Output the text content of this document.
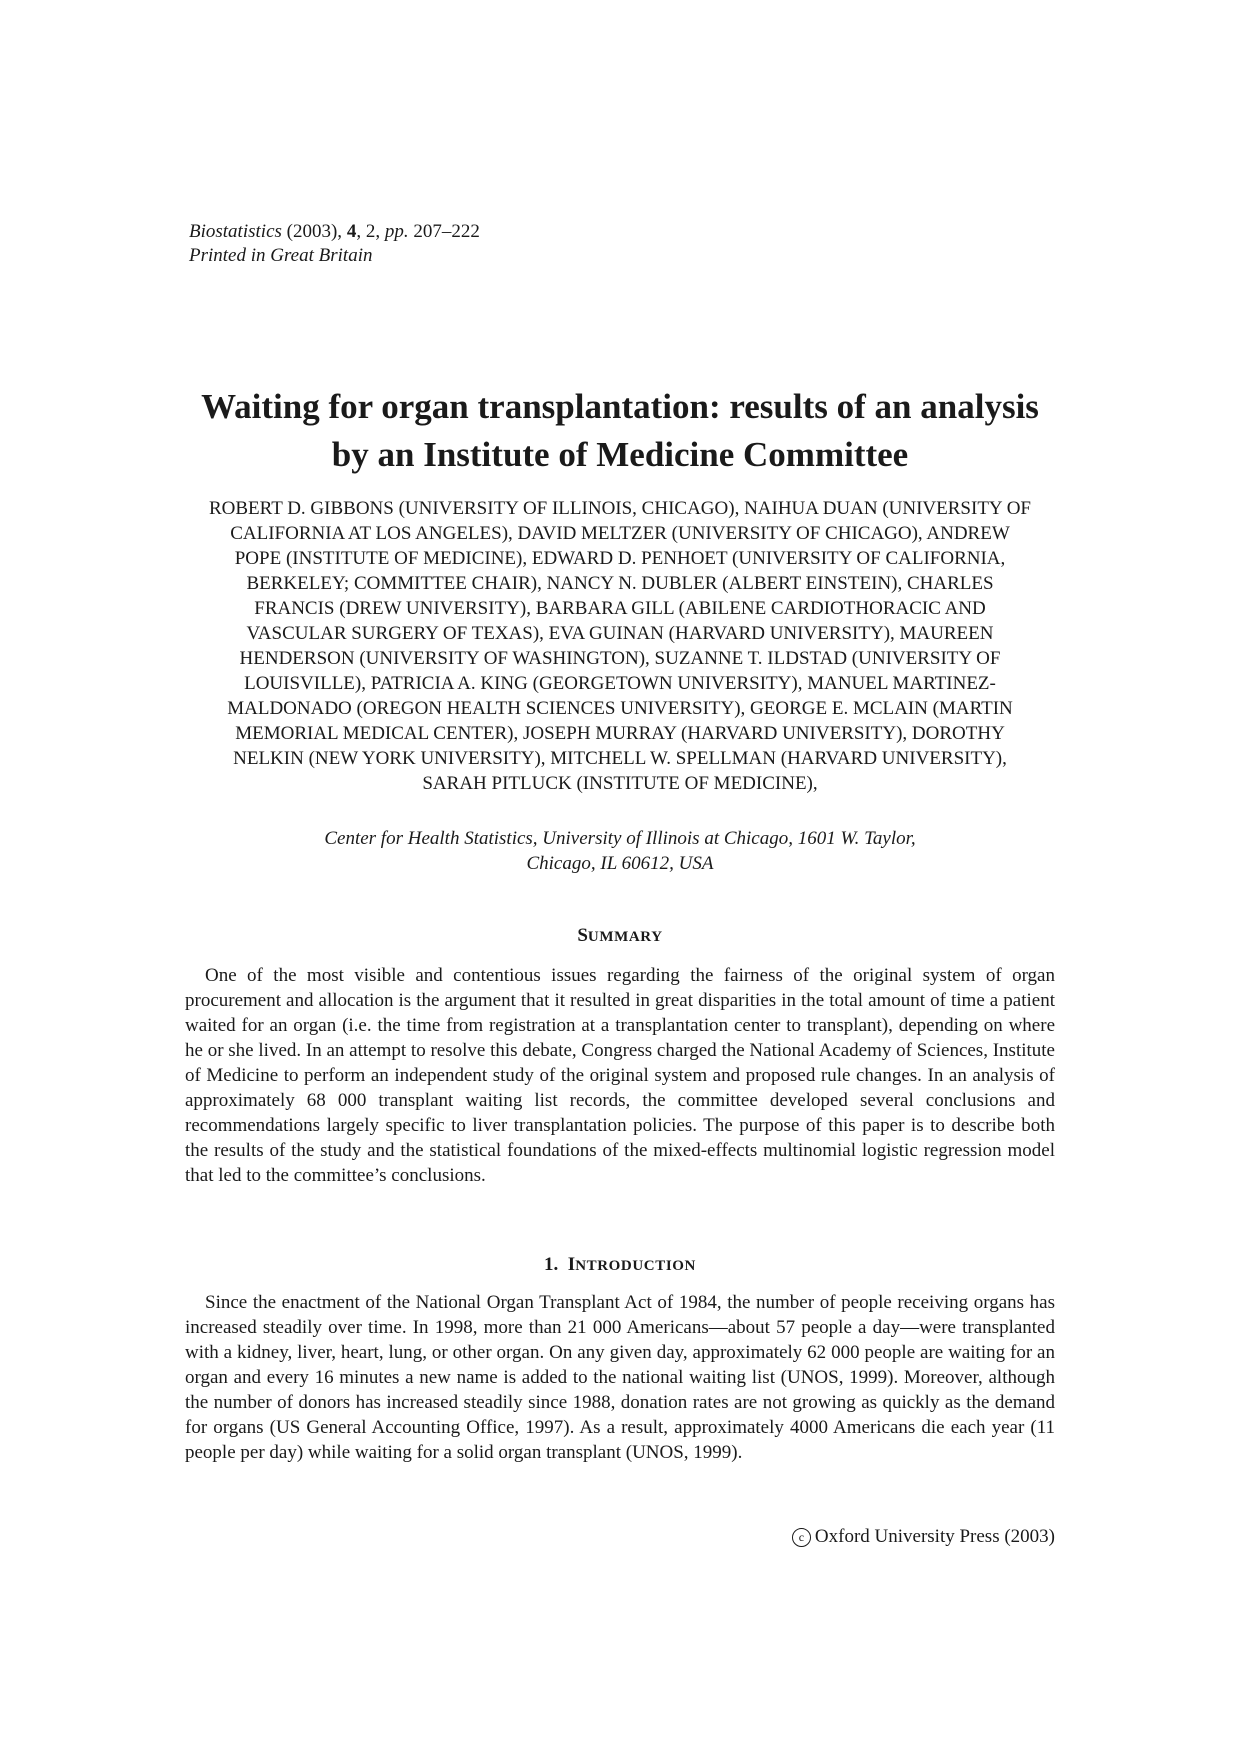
Biostatistics (2003), 4, 2, pp. 207–222
Printed in Great Britain
Waiting for organ transplantation: results of an analysis by an Institute of Medicine Committee

ROBERT D. GIBBONS (UNIVERSITY OF ILLINOIS, CHICAGO), NAIHUA DUAN (UNIVERSITY OF CALIFORNIA AT LOS ANGELES), DAVID MELTZER (UNIVERSITY OF CHICAGO), ANDREW POPE (INSTITUTE OF MEDICINE), EDWARD D. PENHOET (UNIVERSITY OF CALIFORNIA, BERKELEY; COMMITTEE CHAIR), NANCY N. DUBLER (ALBERT EINSTEIN), CHARLES FRANCIS (DREW UNIVERSITY), BARBARA GILL (ABILENE CARDIOTHORACIC AND VASCULAR SURGERY OF TEXAS), EVA GUINAN (HARVARD UNIVERSITY), MAUREEN HENDERSON (UNIVERSITY OF WASHINGTON), SUZANNE T. ILDSTAD (UNIVERSITY OF LOUISVILLE), PATRICIA A. KING (GEORGETOWN UNIVERSITY), MANUEL MARTINEZ-MALDONADO (OREGON HEALTH SCIENCES UNIVERSITY), GEORGE E. MCLAIN (MARTIN MEMORIAL MEDICAL CENTER), JOSEPH MURRAY (HARVARD UNIVERSITY), DOROTHY NELKIN (NEW YORK UNIVERSITY), MITCHELL W. SPELLMAN (HARVARD UNIVERSITY), SARAH PITLUCK (INSTITUTE OF MEDICINE),

Center for Health Statistics, University of Illinois at Chicago, 1601 W. Taylor,
Chicago, IL 60612, USA
SUMMARY

One of the most visible and contentious issues regarding the fairness of the original system of organ procurement and allocation is the argument that it resulted in great disparities in the total amount of time a patient waited for an organ (i.e. the time from registration at a transplantation center to transplant), depending on where he or she lived. In an attempt to resolve this debate, Congress charged the National Academy of Sciences, Institute of Medicine to perform an independent study of the original system and proposed rule changes. In an analysis of approximately 68 000 transplant waiting list records, the committee developed several conclusions and recommendations largely specific to liver transplantation policies. The purpose of this paper is to describe both the results of the study and the statistical foundations of the mixed-effects multinomial logistic regression model that led to the committee’s conclusions.

1. INTRODUCTION

Since the enactment of the National Organ Transplant Act of 1984, the number of people receiving organs has increased steadily over time. In 1998, more than 21 000 Americans—about 57 people a day—were transplanted with a kidney, liver, heart, lung, or other organ. On any given day, approximately 62 000 people are waiting for an organ and every 16 minutes a new name is added to the national waiting list (UNOS, 1999). Moreover, although the number of donors has increased steadily since 1988, donation rates are not growing as quickly as the demand for organs (US General Accounting Office, 1997). As a result, approximately 4000 Americans die each year (11 people per day) while waiting for a solid organ transplant (UNOS, 1999).

c Oxford University Press (2003)
